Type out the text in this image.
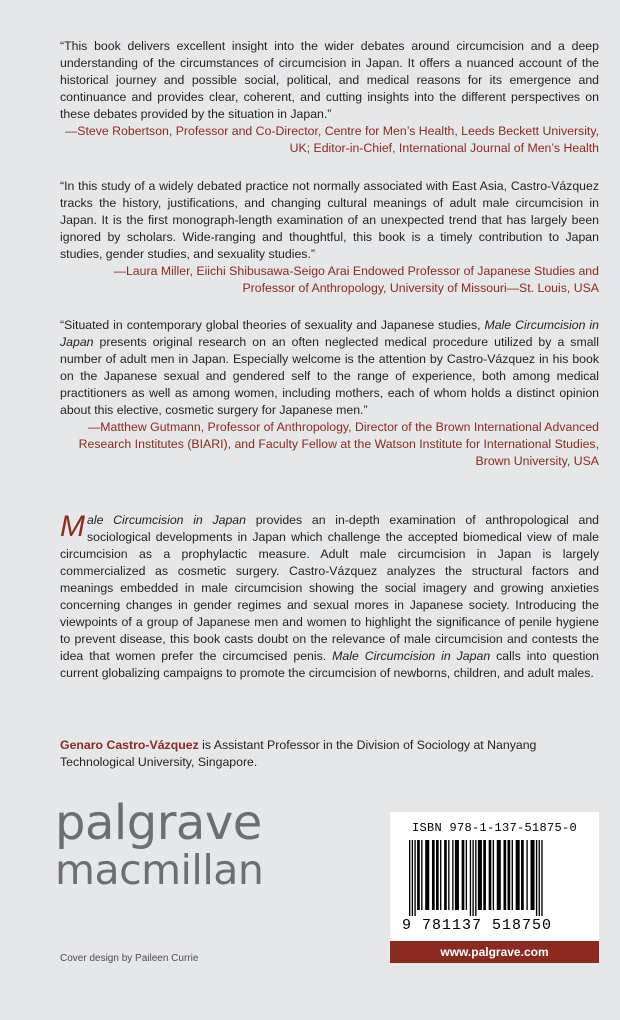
“This book delivers excellent insight into the wider debates around circumcision and a deep understanding of the circumstances of circumcision in Japan. It offers a nuanced account of the historical journey and possible social, political, and medical reasons for its emergence and continuance and provides clear, coherent, and cutting insights into the different perspectives on these debates provided by the situation in Japan.”
—Steve Robertson, Professor and Co-Director, Centre for Men’s Health, Leeds Beckett University, UK; Editor-in-Chief, International Journal of Men’s Health
“In this study of a widely debated practice not normally associated with East Asia, Castro-Vázquez tracks the history, justifications, and changing cultural meanings of adult male circumcision in Japan. It is the first monograph-length examination of an unexpected trend that has largely been ignored by scholars. Wide-ranging and thoughtful, this book is a timely contribution to Japan studies, gender studies, and sexuality studies.”
—Laura Miller, Eiichi Shibusawa-Seigo Arai Endowed Professor of Japanese Studies and Professor of Anthropology, University of Missouri—St. Louis, USA
“Situated in contemporary global theories of sexuality and Japanese studies, Male Circumcision in Japan presents original research on an often neglected medical procedure utilized by a small number of adult men in Japan. Especially welcome is the attention by Castro-Vázquez in his book on the Japanese sexual and gendered self to the range of experience, both among medical practitioners as well as among women, including mothers, each of whom holds a distinct opinion about this elective, cosmetic surgery for Japanese men.”
—Matthew Gutmann, Professor of Anthropology, Director of the Brown International Advanced Research Institutes (BIARI), and Faculty Fellow at the Watson Institute for International Studies, Brown University, USA
Male Circumcision in Japan provides an in-depth examination of anthropological and sociological developments in Japan which challenge the accepted biomedical view of male circumcision as a prophylactic measure. Adult male circumcision in Japan is largely commercialized as cosmetic surgery. Castro-Vázquez analyzes the structural factors and meanings embedded in male circumcision showing the social imagery and growing anxieties concerning changes in gender regimes and sexual mores in Japanese society. Introducing the viewpoints of a group of Japanese men and women to highlight the significance of penile hygiene to prevent disease, this book casts doubt on the relevance of male circumcision and contests the idea that women prefer the circumcised penis. Male Circumcision in Japan calls into question current globalizing campaigns to promote the circumcision of newborns, children, and adult males.
Genaro Castro-Vázquez is Assistant Professor in the Division of Sociology at Nanyang Technological University, Singapore.
palgrave
macmillan
Cover design by Paileen Currie
ISBN 978-1-137-51875-0
9 781137 518750
www.palgrave.com
